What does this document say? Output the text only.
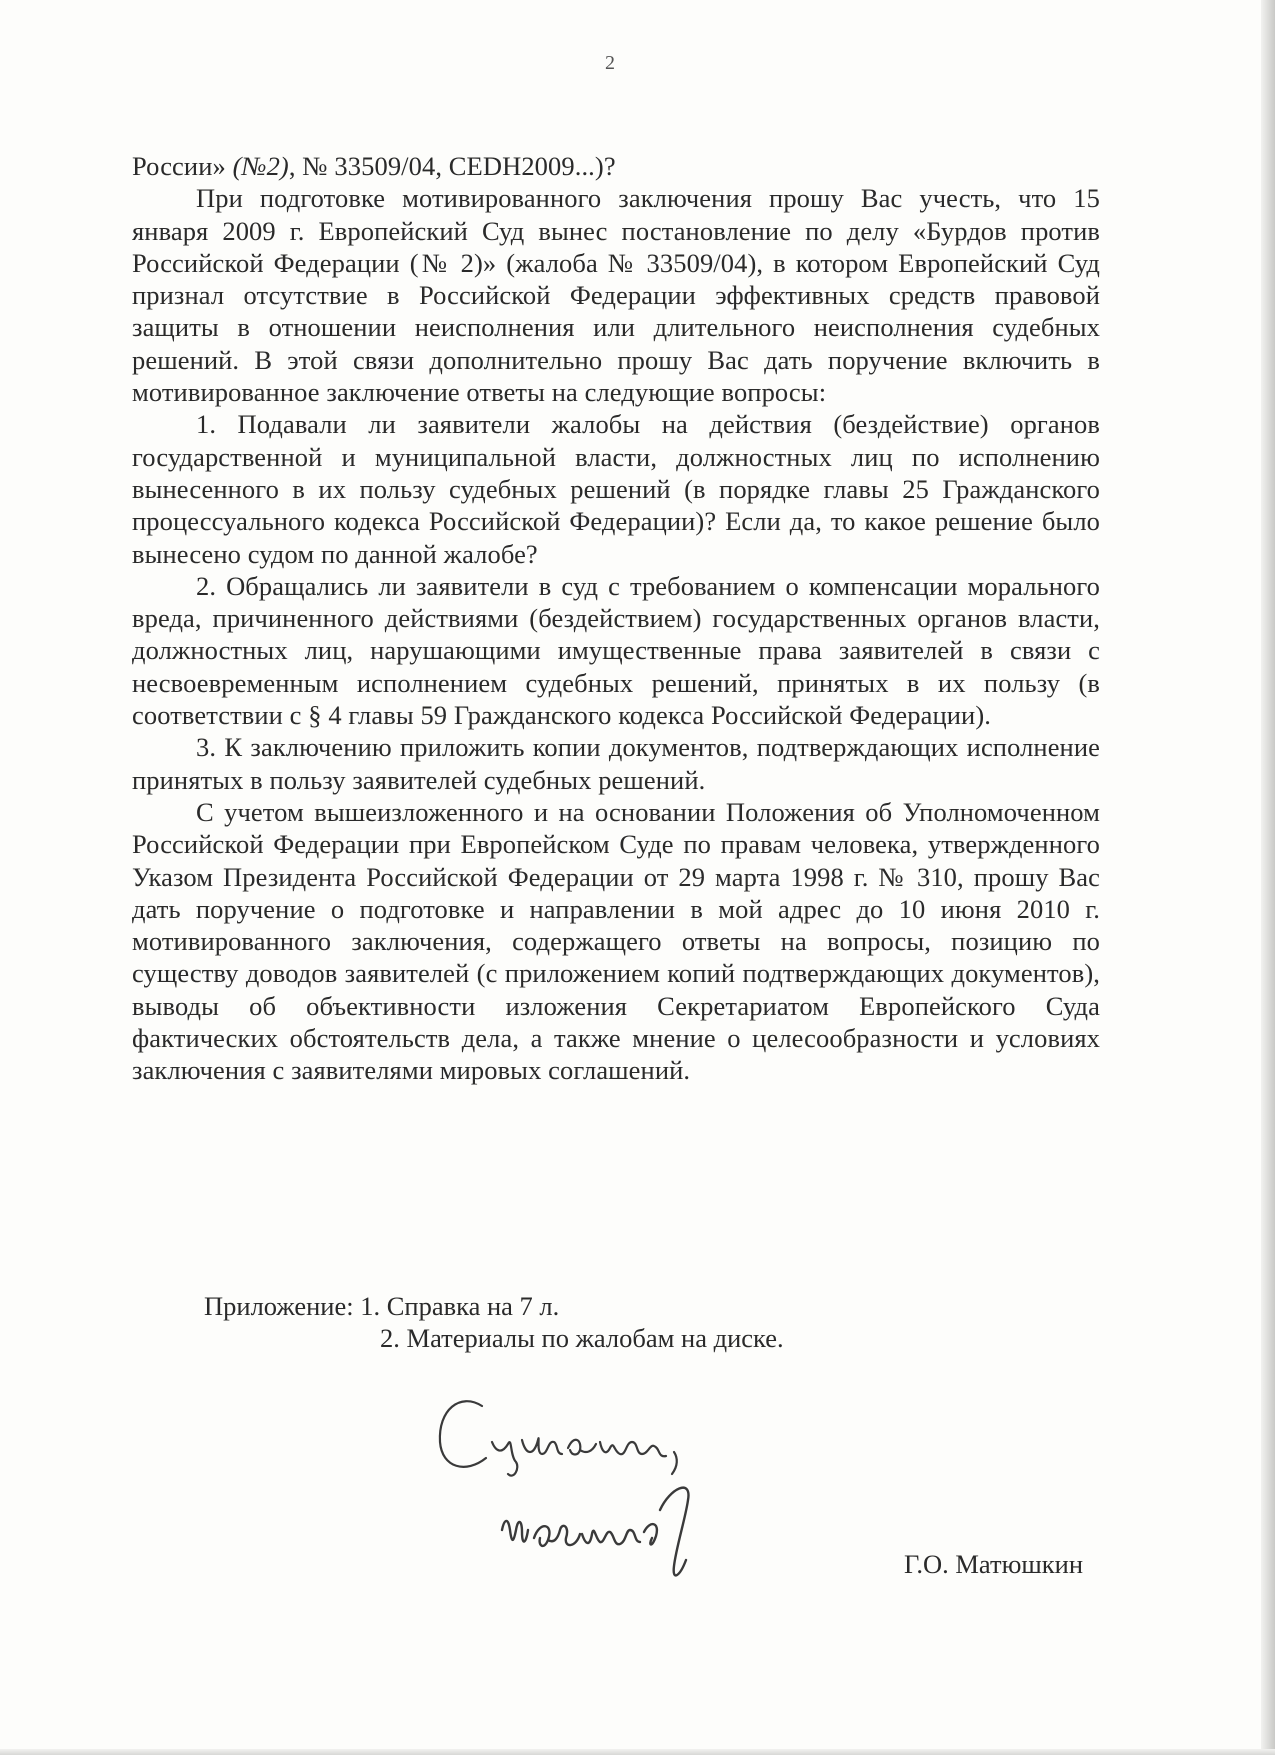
2

России» (№2), № 33509/04, CEDH2009...)?

При подготовке мотивированного заключения прошу Вас учесть, что 15 января 2009 г. Европейский Суд вынес постановление по делу «Бурдов против Российской Федерации (№ 2)» (жалоба № 33509/04), в котором Европейский Суд признал отсутствие в Российской Федерации эффективных средств правовой защиты в отношении неисполнения или длительного неисполнения судебных решений. В этой связи дополнительно прошу Вас дать поручение включить в мотивированное заключение ответы на следующие вопросы:

1. Подавали ли заявители жалобы на действия (бездействие) органов государственной и муниципальной власти, должностных лиц по исполнению вынесенного в их пользу судебных решений (в порядке главы 25 Гражданского процессуального кодекса Российской Федерации)? Если да, то какое решение было вынесено судом по данной жалобе?

2. Обращались ли заявители в суд с требованием о компенсации морального вреда, причиненного действиями (бездействием) государственных органов власти, должностных лиц, нарушающими имущественные права заявителей в связи с несвоевременным исполнением судебных решений, принятых в их пользу (в соответствии с § 4 главы 59 Гражданского кодекса Российской Федерации).

3. К заключению приложить копии документов, подтверждающих исполнение принятых в пользу заявителей судебных решений.

С учетом вышеизложенного и на основании Положения об Уполномоченном Российской Федерации при Европейском Суде по правам человека, утвержденного Указом Президента Российской Федерации от 29 марта 1998 г. № 310, прошу Вас дать поручение о подготовке и направлении в мой адрес до 10 июня 2010 г. мотивированного заключения, содержащего ответы на вопросы, позицию по существу доводов заявителей (с приложением копий подтверждающих документов), выводы об объективности изложения Секретариатом Европейского Суда фактических обстоятельств дела, а также мнение о целесообразности и условиях заключения с заявителями мировых соглашений.

Приложение: 1. Справка на 7 л.
2. Материалы по жалобам на диске.
Г.О. Матюшкин
